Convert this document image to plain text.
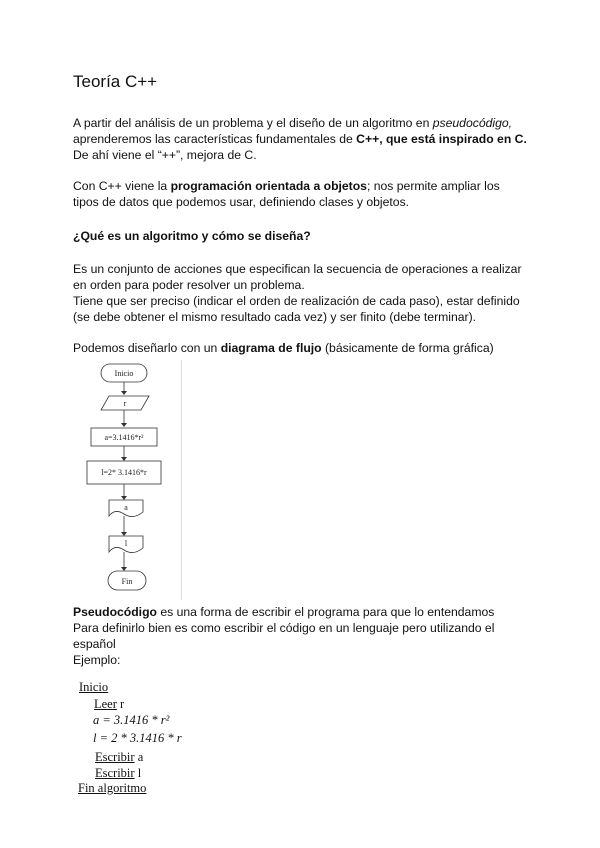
Teoría C++

A partir del análisis de un problema y el diseño de un algoritmo en pseudocódigo,
aprenderemos las características fundamentales de C++, que está inspirado en C.
De ahí viene el “++”, mejora de C.

Con C++ viene la programación orientada a objetos; nos permite ampliar los
tipos de datos que podemos usar, definiendo clases y objetos.

¿Qué es un algoritmo y cómo se diseña?

Es un conjunto de acciones que especifican la secuencia de operaciones a realizar
en orden para poder resolver un problema.
Tiene que ser preciso (indicar el orden de realización de cada paso), estar definido
(se debe obtener el mismo resultado cada vez) y ser finito (debe terminar).

Podemos diseñarlo con un diagrama de flujo (básicamente de forma gráfica)

Inicio
r
a=3.1416*r²
l=2* 3.1416*r
a
l
Fin

Pseudocódigo es una forma de escribir el programa para que lo entendamos
Para definirlo bien es como escribir el código en un lenguaje pero utilizando el
español
Ejemplo:

Inicio
Leer r
a = 3.1416 * r²
l = 2 * 3.1416 * r
Escribir a
Escribir l
Fin algoritmo
